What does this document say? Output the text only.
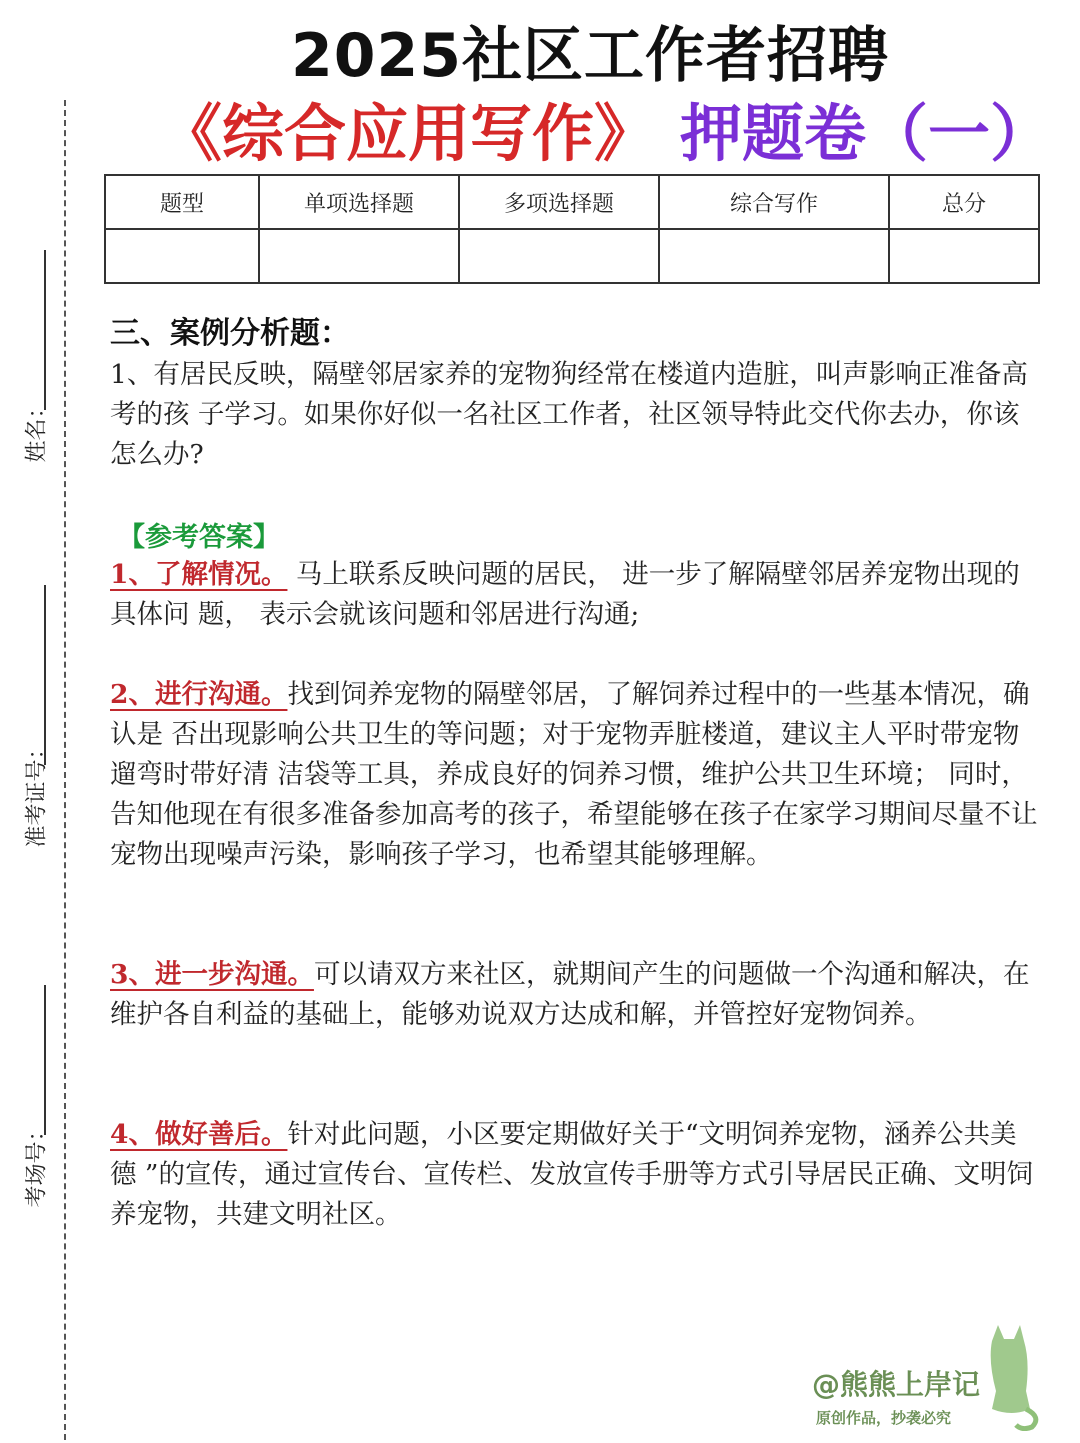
姓名：
准考证号：
考场号：
2025社区工作者招聘
《综合应用写作》 押题卷（一）
题型	单项选择题	多项选择题	综合写作	总分

三、案例分析题：
1、有居民反映，隔壁邻居家养的宠物狗经常在楼道内造脏，叫声影响正准备高考的孩 子学习。如果你好似一名社区工作者，社区领导特此交代你去办，你该怎么办?
【参考答案】
1、了解情况。 马上联系反映问题的居民， 进一步了解隔壁邻居养宠物出现的具体问 题， 表示会就该问题和邻居进行沟通;
2、进行沟通。找到饲养宠物的隔壁邻居，了解饲养过程中的一些基本情况，确认是 否出现影响公共卫生的等问题；对于宠物弄脏楼道，建议主人平时带宠物遛弯时带好清 洁袋等工具，养成良好的饲养习惯，维护公共卫生环境； 同时，告知他现在有很多准备参加高考的孩子，希望能够在孩子在家学习期间尽量不让宠物出现噪声污染，影响孩子学习，也希望其能够理解。
3、进一步沟通。可以请双方来社区，就期间产生的问题做一个沟通和解决，在维护各自利益的基础上，能够劝说双方达成和解，并管控好宠物饲养。
4、做好善后。针对此问题，小区要定期做好关于“文明饲养宠物，涵养公共美德 ”的宣传，通过宣传台、宣传栏、发放宣传手册等方式引导居民正确、文明饲养宠物，共建文明社区。
@熊熊上岸记
原创作品，抄袭必究
